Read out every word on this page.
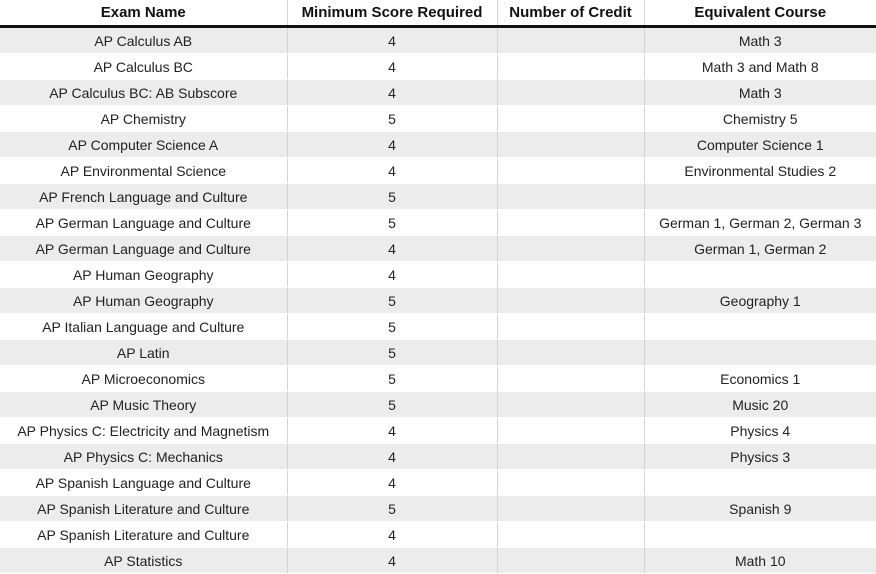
Exam Name	Minimum Score Required	Number of Credit	Equivalent Course
AP Calculus AB	4		Math 3
AP Calculus BC	4		Math 3 and Math 8
AP Calculus BC: AB Subscore	4		Math 3
AP Chemistry	5		Chemistry 5
AP Computer Science A	4		Computer Science 1
AP Environmental Science	4		Environmental Studies 2
AP French Language and Culture	5		
AP German Language and Culture	5		German 1, German 2, German 3
AP German Language and Culture	4		German 1, German 2
AP Human Geography	4		
AP Human Geography	5		Geography 1
AP Italian Language and Culture	5		
AP Latin	5		
AP Microeconomics	5		Economics 1
AP Music Theory	5		Music 20
AP Physics C: Electricity and Magnetism	4		Physics 4
AP Physics C: Mechanics	4		Physics 3
AP Spanish Language and Culture	4		
AP Spanish Literature and Culture	5		Spanish 9
AP Spanish Literature and Culture	4		
AP Statistics	4		Math 10
